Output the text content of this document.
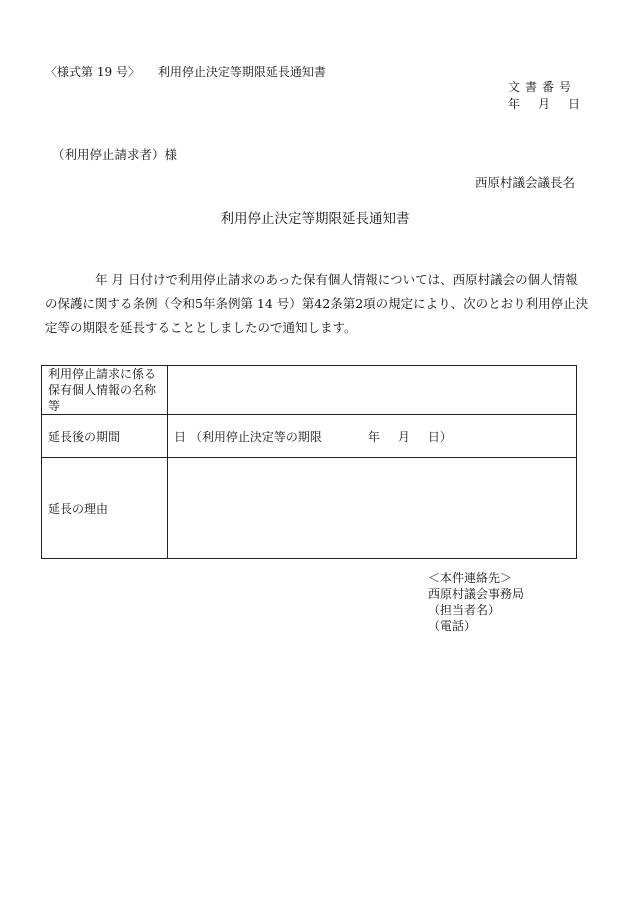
〈様式第 19 号〉 利用停止決定等期限延長通知書
文書番号
年 月 日
（利用停止請求者）様
西原村議会議長名
利用停止決定等期限延長通知書
年 月 日付けで利用停止請求のあった保有個人情報については、西原村議会の個人情報の保護に関する条例（令和5年条例第 14 号）第42条第2項の規定により、次のとおり利用停止決定等の期限を延長することとしましたので通知します。
利用停止請求に係る保有個人情報の名称等	
延長後の期間	日 （利用停止決定等の期限 年 月 日）
延長の理由	
＜本件連絡先＞
西原村議会事務局
（担当者名）
（電話）
